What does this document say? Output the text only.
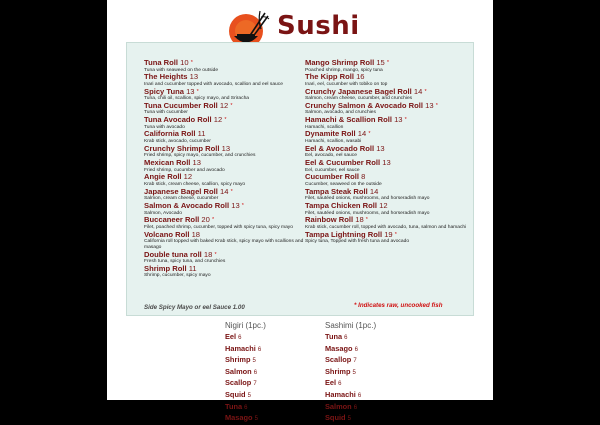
Sushi
Tuna Roll 10 *
Tuna with seaweed on the outside
The Heights 13
Inari and cucumber topped with avocado, scallion and eel sauce
Spicy Tuna 13 *
Tuna, chili oil, scallion, spicy mayo, and Sriracha
Tuna Cucumber Roll 12 *
Tuna with cucumber
Tuna Avocado Roll 12 *
Tuna with avocado
California Roll 11
Krab stick, avocado, cucumber
Crunchy Shrimp Roll 13
Fried shrimp, spicy mayo, cucumber, and crunchies
Mexican Roll 13
Fried shrimp, cucumber and avocado
Angie Roll 12
Krab stick, cream cheese, scallion, spicy mayo
Japanese Bagel Roll 14 *
Salmon, cream cheese, cucumber
Salmon & Avocado Roll 13 *
Salmon, Avocado
Buccaneer Roll 20 *
Filet, poached shrimp, cucumber, topped with spicy tuna, spicy mayo
Volcano Roll 18
California roll topped with baked Krab stick, spicy mayo with scallions and masago
Double tuna roll 18 *
Fresh tuna, spicy tuna, and crunchies
Shrimp Roll 11
Shrimp, cucumber, spicy mayo
Mango Shrimp Roll 15 *
Poached shrimp, mango, spicy tuna
The Kipp Roll 16
Inari, eel, cucumber with tobiko on top
Crunchy Japanese Bagel Roll 14 *
Salmon, cream cheese, cucumber, and crunchies
Crunchy Salmon & Avocado Roll 13 *
Salmon, avocado, and crunchies
Hamachi & Scallion Roll 13 *
Hamachi, scallion
Dynamite Roll 14 *
Hamachi, scallion, wasabi
Eel & Avocado Roll 13
Eel, avocado, eel sauce
Eel & Cucumber Roll 13
Eel, cucumber, eel sauce
Cucumber Roll 8
Cucumber, seaweed on the outside
Tampa Steak Roll 14
Filet, sautéed onions, mushrooms, and horseradish mayo
Tampa Chicken Roll 12
Filet, sautéed onions, mushrooms, and horseradish mayo
Rainbow Roll 18 *
Krab stick, cucumber roll, topped with avocado, tuna, salmon and hamachi
Tampa Lightning Roll 19 *
Spicy tuna, Topped with fresh tuna and avocado
Side Spicy Mayo or eel Sauce 1.00	* Indicates raw, uncooked fish
Nigiri (1pc.)
Eel 6
Hamachi 6
Shrimp 5
Salmon 6
Scallop 7
Squid 5
Tuna 6
Masago 5
Sashimi (1pc.)
Tuna 6
Masago 6
Scallop 7
Shrimp 5
Eel 6
Hamachi 6
Salmon 6
Squid 5
